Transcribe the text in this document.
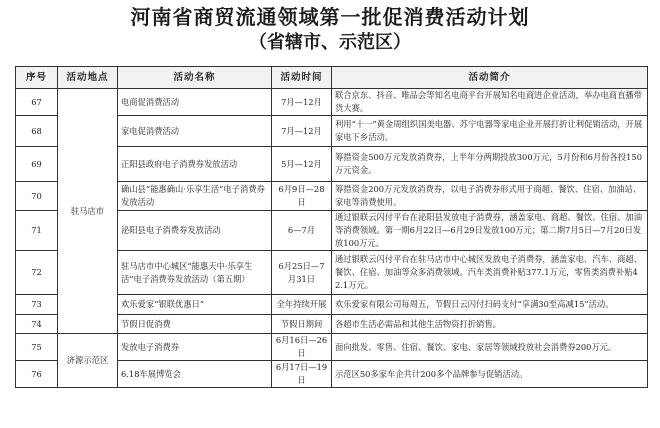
河南省商贸流通领域第一批促消费活动计划
（省辖市、示范区）
序号	活动地点	活动名称	活动时间	活动简介
67	驻马店市	电商促消费活动	7月—12月	联合京东、抖音、唯品会等知名电商平台开展知名电商进企业活动，举办电商直播带货大赛。
68		家电促消费活动	7月—12月	利用“十一”黄金周组织国美电器、苏宁电器等家电企业开展打折让利促销活动，开展家电下乡活动。
69		正阳县政府电子消费券发放活动	5月—12月	筹措资金500万元发放消费券，上半年分两期投放300万元，5月份和6月份各投150万元资金。
70		确山县“能惠确山·乐享生活”电子消费券发放活动	6月9日—28日	筹措资金200万元发放消费券，以电子消费券形式用于商超、餐饮、住宿、加油站、家电等消费使用。
71		泌阳县电子消费券发放活动	6—7月	通过银联云闪付平台在泌阳县发放电子消费券，涵盖家电、商超、餐饮、住宿、加油等消费领域。第一期6月22日—6月29日发放100万元；第二期7月5日—7月20日发放100万元。
72		驻马店市中心城区“能惠天中·乐享生活”电子消费券发放活动（第五期）	6月25日—7月31日	通过银联云闪付平台在驻马店市中心城区发放电子消费券，涵盖家电、汽车、商超、餐饮、住宿、加油等众多消费领域。汽车类消费补贴377.1万元，零售类消费补贴42.1万元。
73		欢乐爱家“银联优惠日”	全年持续开展	欢乐爱家有限公司每周五，节假日云闪付扫码支付“享满30至高减15”活动。
74		节假日促消费	节假日期间	各超市生活必需品和其他生活物资打折销售。
75	济源示范区	发放电子消费券	6月16日—26日	面向批发、零售、住宿、餐饮、家电、家居等领域投放社会消费券200万元。
76		6.18车展博览会	6月17日—19日	示范区50多家车企共计200多个品牌参与促销活动。
